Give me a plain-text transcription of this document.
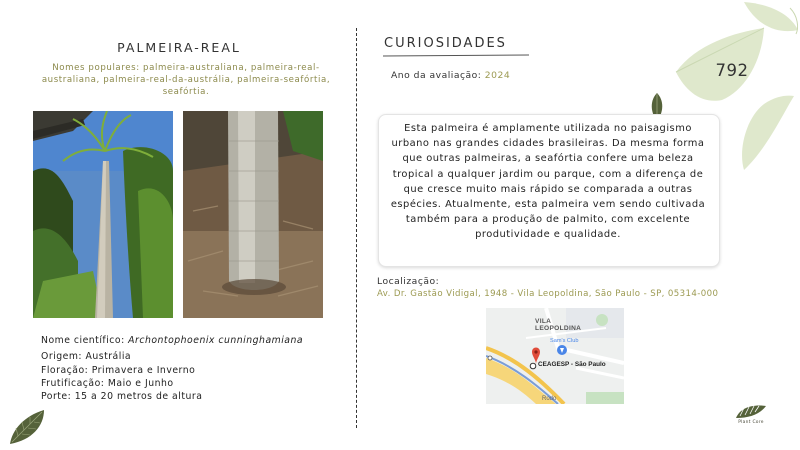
PALMEIRA-REAL
Nomes populares: palmeira-australiana, palmeira-real-australiana, palmeira-real-da-austrália, palmeira-seafórtia, seafórtia.
Nome científico: Archontophoenix cunninghamiana
Origem: Austrália
Floração: Primavera e Inverno
Frutificação: Maio e Junho
Porte: 15 a 20 metros de altura
CURIOSIDADES
Ano da avaliação: 2024	792
Esta palmeira é amplamente utilizada no paisagismo urbano nas grandes cidades brasileiras. Da mesma forma que outras palmeiras, a seafórtia confere uma beleza tropical a qualquer jardim ou parque, com a diferença de que cresce muito mais rápido se comparada a outras espécies. Atualmente, esta palmeira vem sendo cultivada também para a produção de palmito, com excelente produtividade e qualidade.
Localização:
Av. Dr. Gastão Vidigal, 1948 - Vila Leopoldina, São Paulo - SP, 05314-000
VILA
LEOPOLDINA
Sam's Club
CEAGESP - São Paulo
Rodo
Plant Core
